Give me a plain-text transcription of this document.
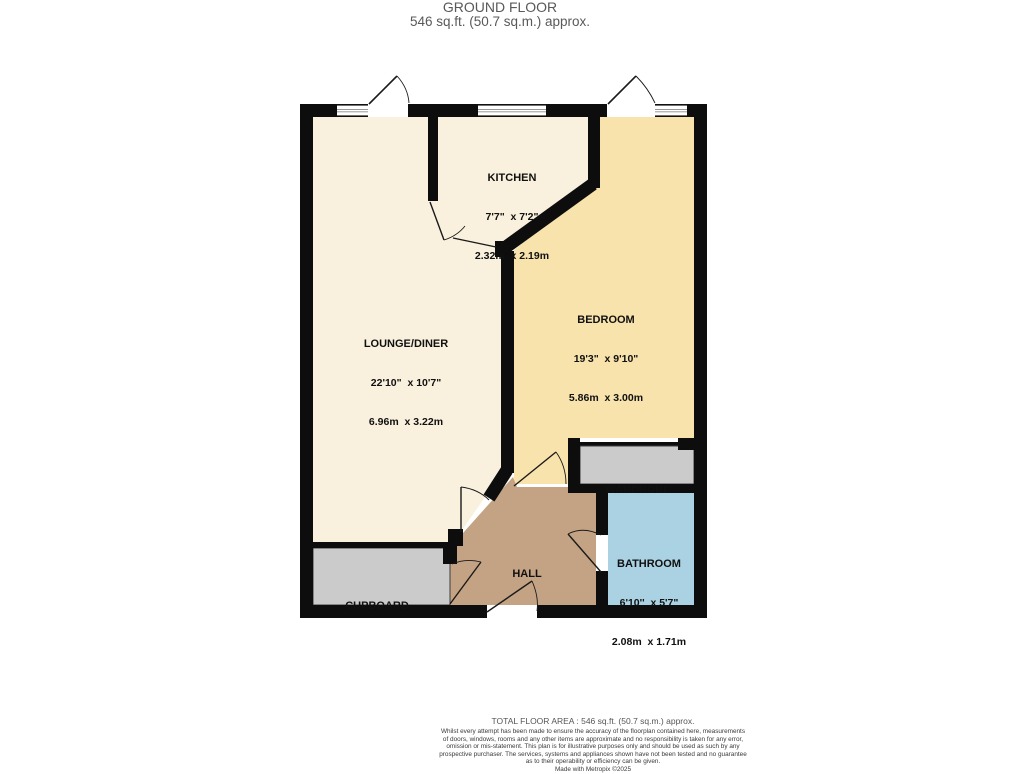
GROUND FLOOR
546 sq.ft. (50.7 sq.m.) approx.

KITCHEN

7'7"  x 7'2"

2.32m  x 2.19m

LOUNGE/DINER

22'10"  x 10'7"

6.96m  x 3.22m

BEDROOM

19'3"  x 9'10"

5.86m  x 3.00m

BATHROOM

6'10''  x 5'7"

2.08m  x 1.71m

HALL

WARDROBE

CUPBOARD

TOTAL FLOOR AREA : 546 sq.ft. (50.7 sq.m.) approx.
Whilst every attempt has been made to ensure the accuracy of the floorplan contained here, measurements
of doors, windows, rooms and any other items are approximate and no responsibility is taken for any error,
omission or mis-statement. This plan is for illustrative purposes only and should be used as such by any
prospective purchaser. The services, systems and appliances shown have not been tested and no guarantee
as to their operability or efficiency can be given.
Made with Metropix ©2025
